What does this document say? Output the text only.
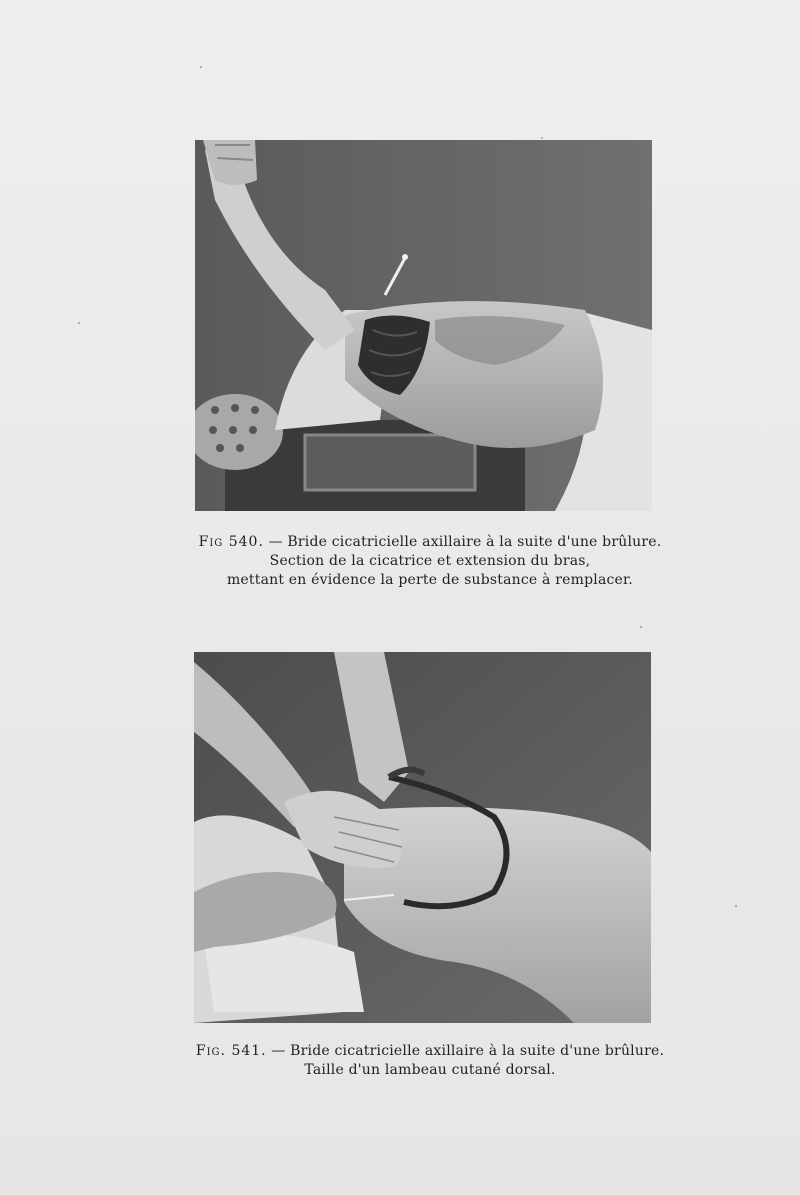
Fig 540. — Bride cicatricielle axillaire à la suite d'une brûlure.
Section de la cicatrice et extension du bras,
mettant en évidence la perte de substance à remplacer.
Fig. 541. — Bride cicatricielle axillaire à la suite d'une brûlure.
Taille d'un lambeau cutané dorsal.
